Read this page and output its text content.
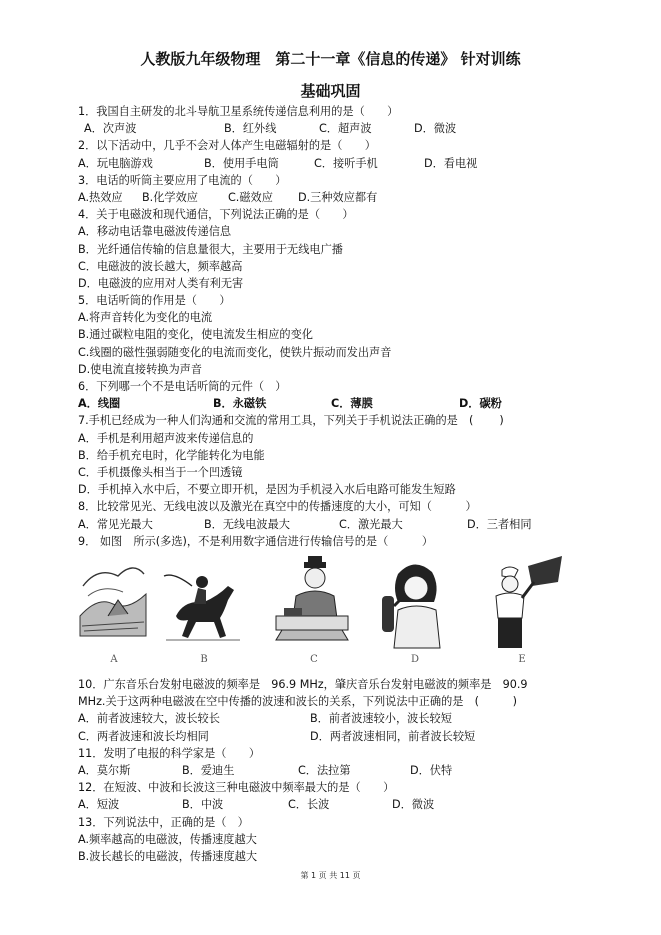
人教版九年级物理　第二十一章《信息的传递》 针对训练
基础巩固
1．我国自主研发的北斗导航卫星系统传递信息利用的是（　　）
A．次声波	B．红外线	C．超声波	D．微波
2．以下活动中，几乎不会对人体产生电磁辐射的是（　　）
A．玩电脑游戏	B．使用手电筒	C．接听手机	D．看电视
3．电话的听筒主要应用了电流的（　　）
A.热效应	B.化学效应	C.磁效应	D.三种效应都有
4．关于电磁波和现代通信，下列说法正确的是（　　）
A．移动电话靠电磁波传递信息
B．光纤通信传输的信息量很大，主要用于无线电广播
C．电磁波的波长越大，频率越高
D．电磁波的应用对人类有利无害
5．电话听筒的作用是（　　）
A.将声音转化为变化的电流
B.通过碳粒电阻的变化，使电流发生相应的变化
C.线圈的磁性强弱随变化的电流而变化，使铁片振动而发出声音
D.使电流直接转换为声音
6．下列哪一个不是电话听筒的元件（　）
A．线圈	B．永磁铁	C．薄膜	D．碳粉
7.手机已经成为一种人们沟通和交流的常用工具，下列关于手机说法正确的是　(　　 )
A．手机是利用超声波来传递信息的
B．给手机充电时，化学能转化为电能
C．手机摄像头相当于一个凹透镜
D．手机掉入水中后，不要立即开机，是因为手机浸入水后电路可能发生短路
8．比较常见光、无线电波以及激光在真空中的传播速度的大小，可知（　　　）
A．常见光最大	B．无线电波最大	C．激光最大	D．三者相同
9． 如图　所示(多选)，不是利用数字通信进行传输信号的是（　　　）
A	B	C	D	E
10．广东音乐台发射电磁波的频率是　96.9 MHz，肇庆音乐台发射电磁波的频率是　90.9
MHz.关于这两种电磁波在空中传播的波速和波长的关系，下列说法中正确的是　(　　　)
A．前者波速较大，波长较长	B．前者波速较小，波长较短
C．两者波速和波长均相同	D．两者波速相同，前者波长较短
11．发明了电报的科学家是（　　）
A．莫尔斯	B．爱迪生	C．法拉第	D．伏特
12．在短波、中波和长波这三种电磁波中频率最大的是（　　）
A．短波	B．中波	C．长波	D．微波
13．下列说法中，正确的是（　）
A.频率越高的电磁波，传播速度越大
B.波长越长的电磁波，传播速度越大
第 1 页 共 11 页
